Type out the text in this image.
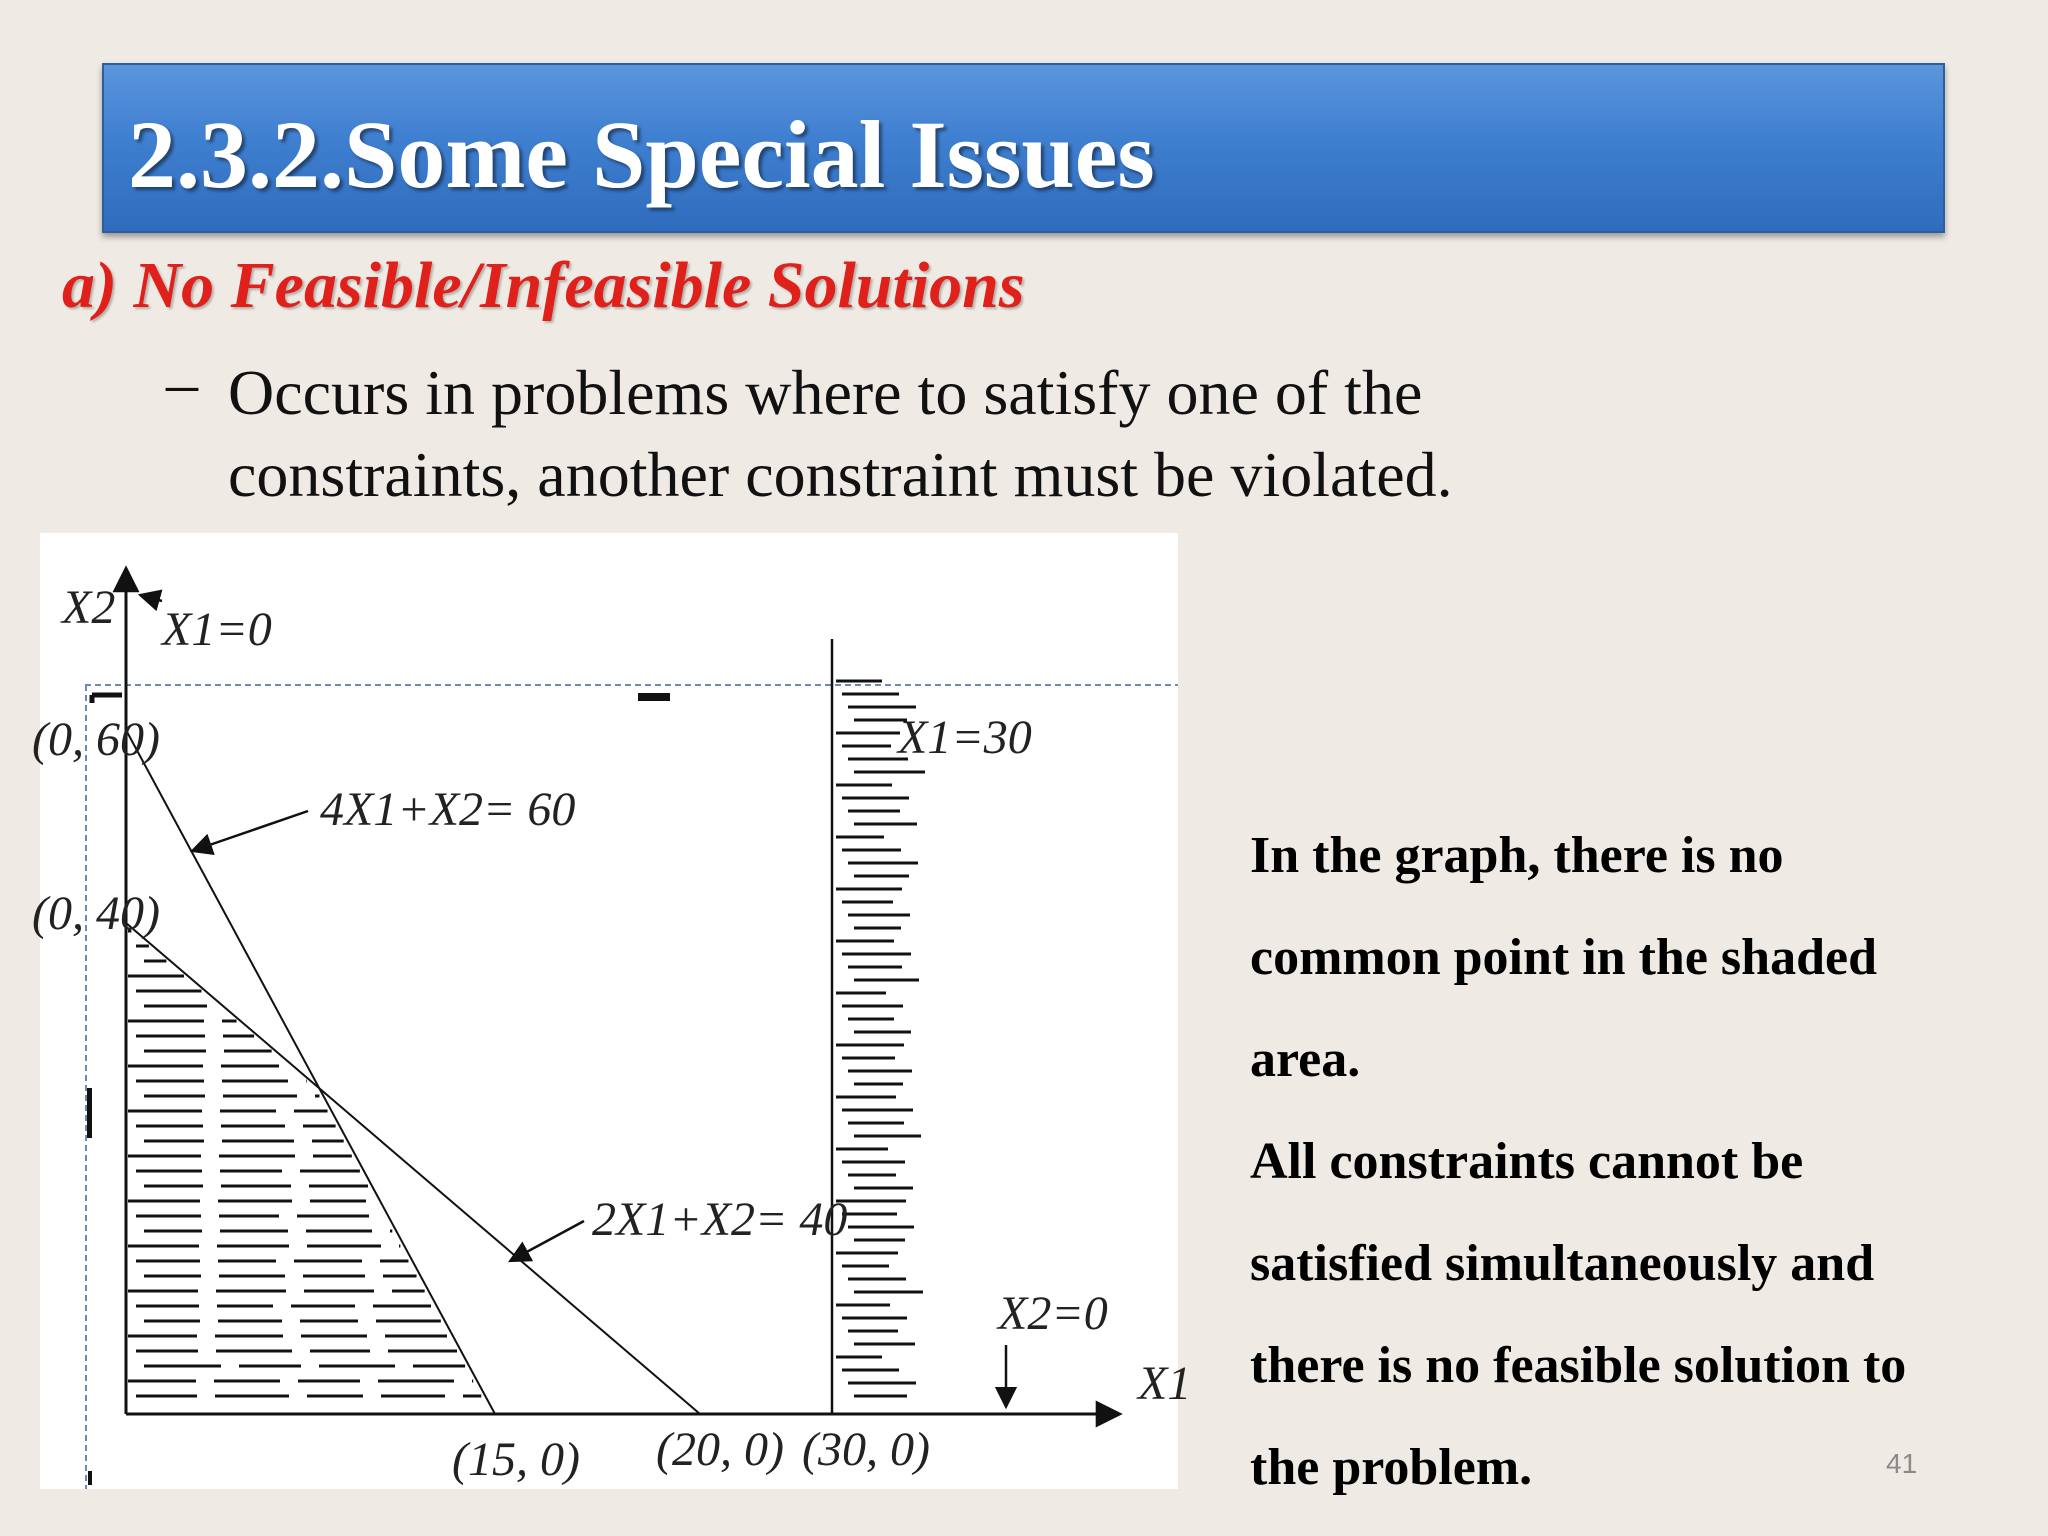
2.3.2.Some Special Issues
a) No Feasible/Infeasible Solutions
– Occurs in problems where to satisfy one of the constraints, another constraint must be violated.

X2 X1=0
(0, 60)
(0, 40)
4X1+X2= 60
2X1+X2= 40
X1=30
X2=0
X1
(15, 0) (20, 0) (30, 0)
In the graph, there is no
common point in the shaded
area.
All constraints cannot be
satisfied simultaneously and
there is no feasible solution to
the problem.	41
